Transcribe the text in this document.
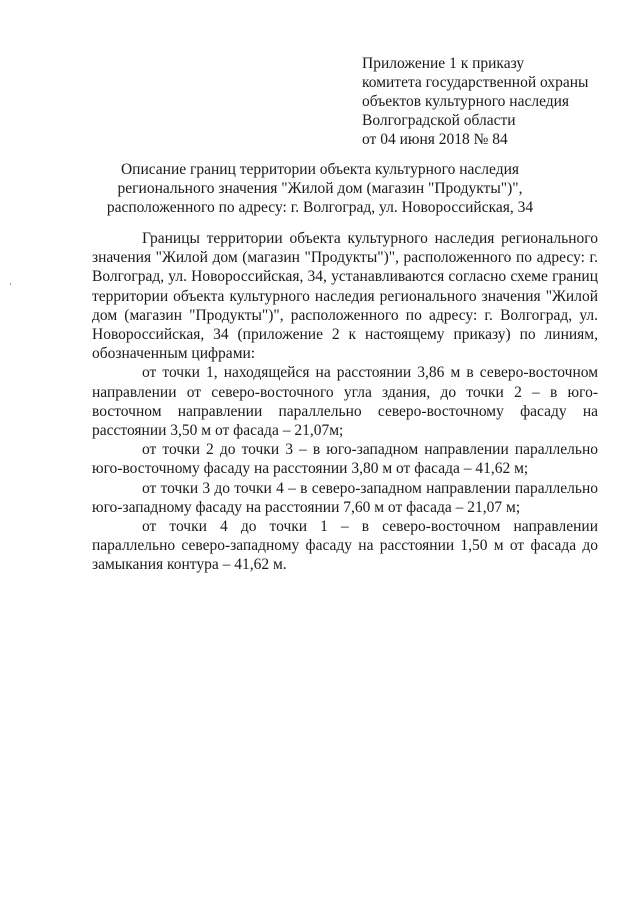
Приложение 1 к приказу
комитета государственной охраны
объектов культурного наследия
Волгоградской области
от 04 июня 2018 № 84
Описание границ территории объекта культурного наследия
регионального значения "Жилой дом (магазин "Продукты")",
расположенного по адресу: г. Волгоград, ул. Новороссийская, 34

Границы территории объекта культурного наследия регионального значения "Жилой дом (магазин "Продукты")", расположенного по адресу: г. Волгоград, ул. Новороссийская, 34, устанавливаются согласно схеме границ территории объекта культурного наследия регионального значения "Жилой дом (магазин "Продукты")", расположенного по адресу: г. Волгоград, ул. Новороссийская, 34 (приложение 2 к настоящему приказу) по линиям, обозначенным цифрами:

от точки 1, находящейся на расстоянии 3,86 м в северо-восточном направлении от северо-восточного угла здания, до точки 2 – в юго-восточном направлении параллельно северо-восточному фасаду на расстоянии 3,50 м от фасада – 21,07м;

от точки 2 до точки 3 – в юго-западном направлении параллельно юго-восточному фасаду на расстоянии 3,80 м от фасада – 41,62 м;

от точки 3 до точки 4 – в северо-западном направлении параллельно юго-западному фасаду на расстоянии 7,60 м от фасада – 21,07 м;

от точки 4 до точки 1 – в северо-восточном направлении параллельно северо-западному фасаду на расстоянии 1,50 м от фасада до замыкания контура – 41,62 м.
